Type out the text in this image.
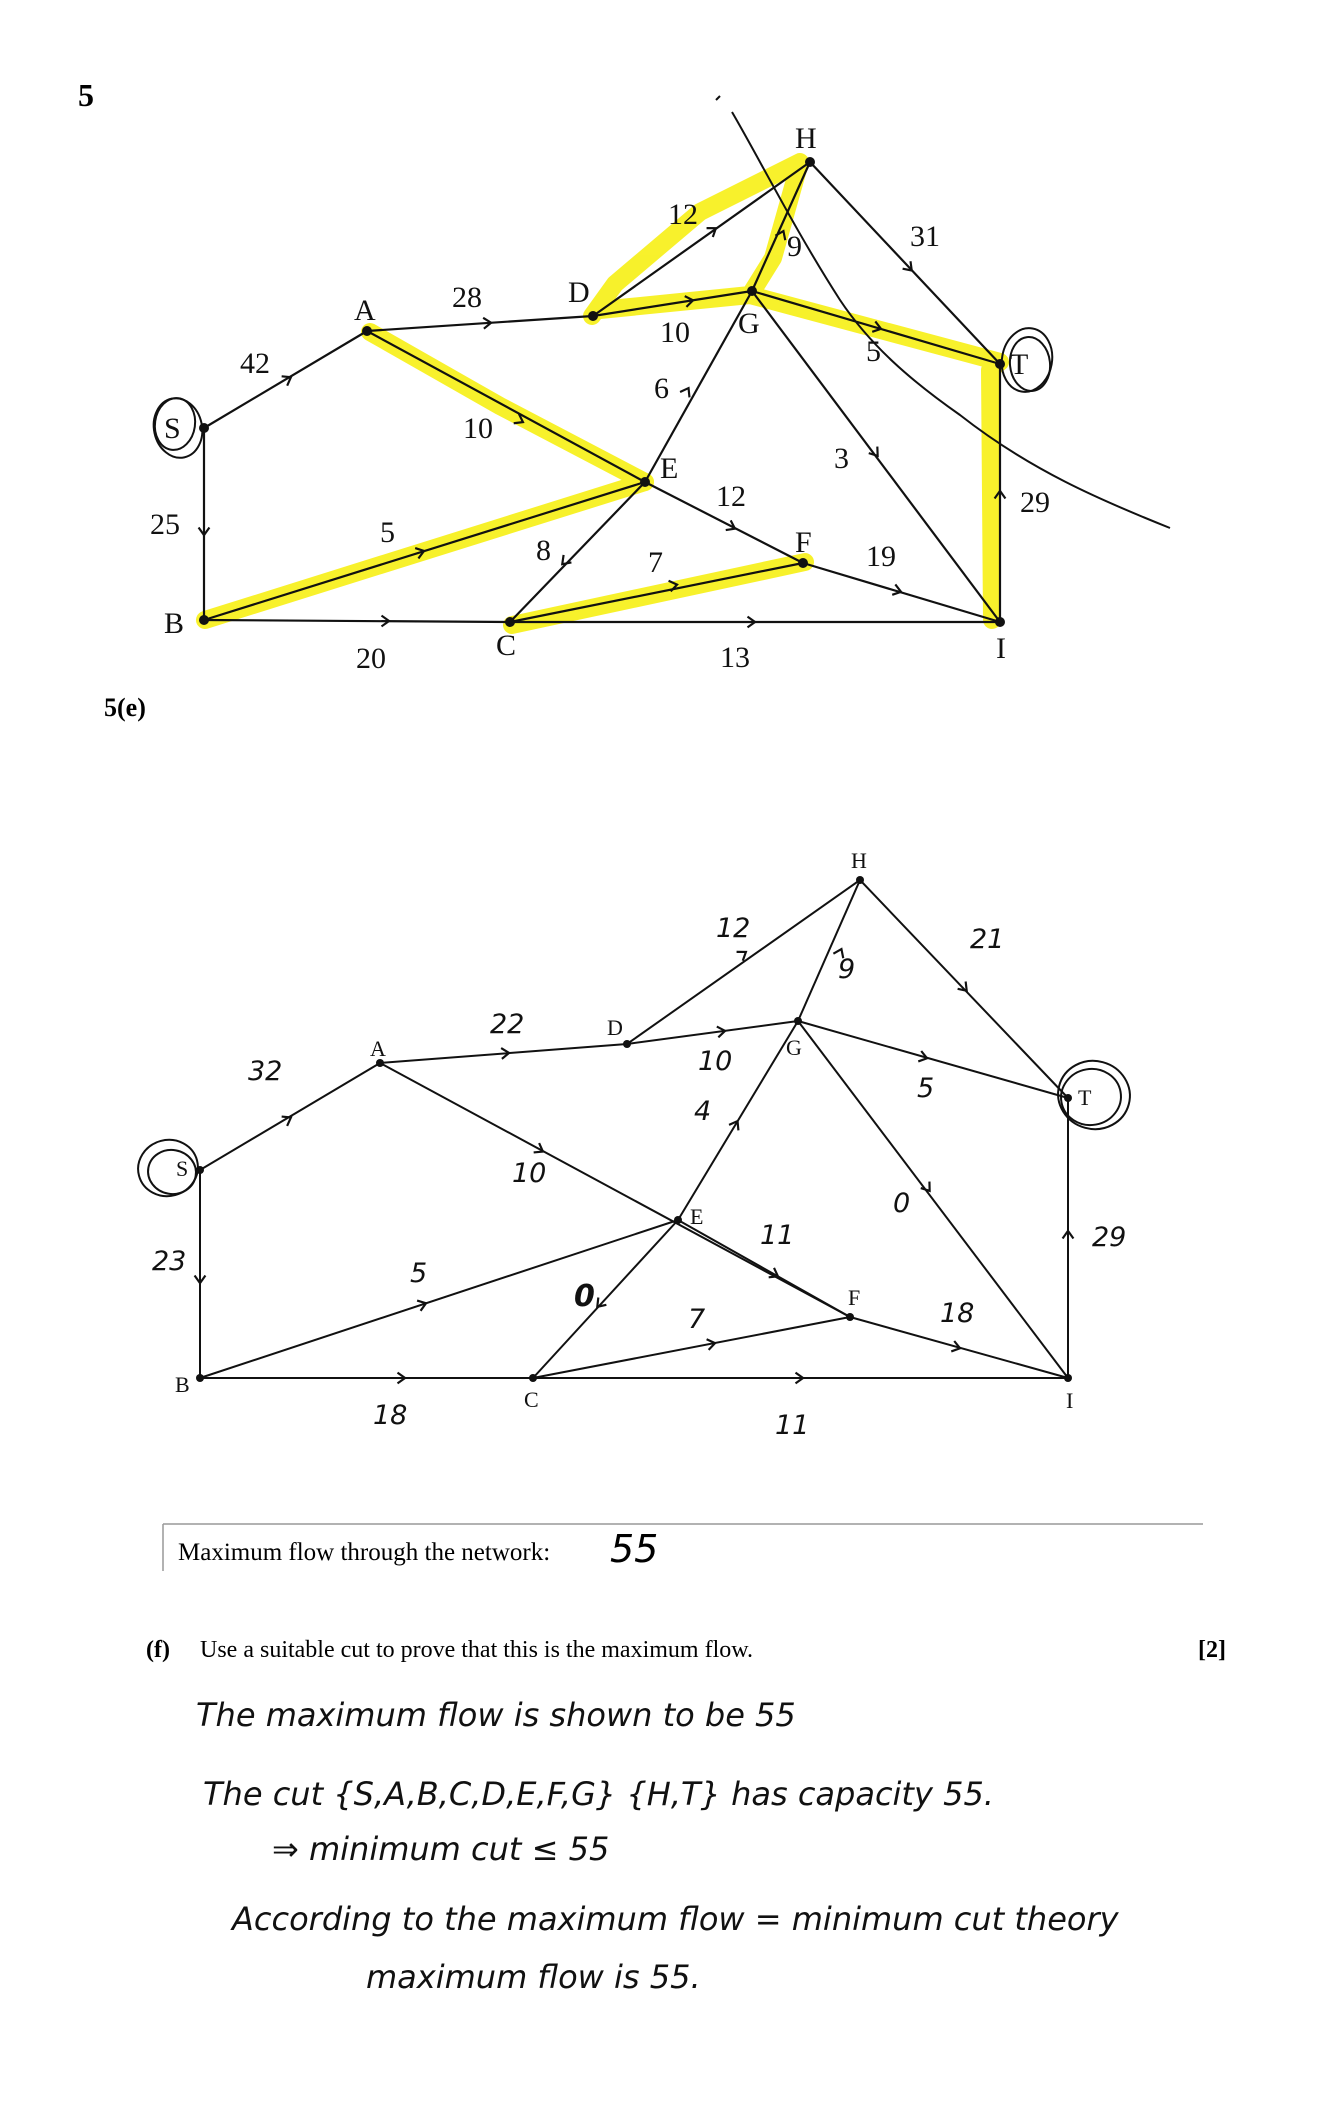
5
S
A
B
C
D
E
F
G
H
I
T
42
25
28
10
5
20
12
10
6
9	31
5
3
12
8	7
13
19
29
5(e)
S
A
B
C
D
E
F
G
H
I
T
32
23
22
10
5
18
12
10
4
9
21
5
0
11
0
7
11
18
29
Maximum flow through the network: 55
(f) Use a suitable cut to prove that this is the maximum flow.	[2]
The maximum flow is shown to be 55
The cut {S,A,B,C,D,E,F,G} {H,T} has capacity 55.
⇒ minimum cut ≤ 55
According to the maximum flow = minimum cut theory
maximum flow is 55.
